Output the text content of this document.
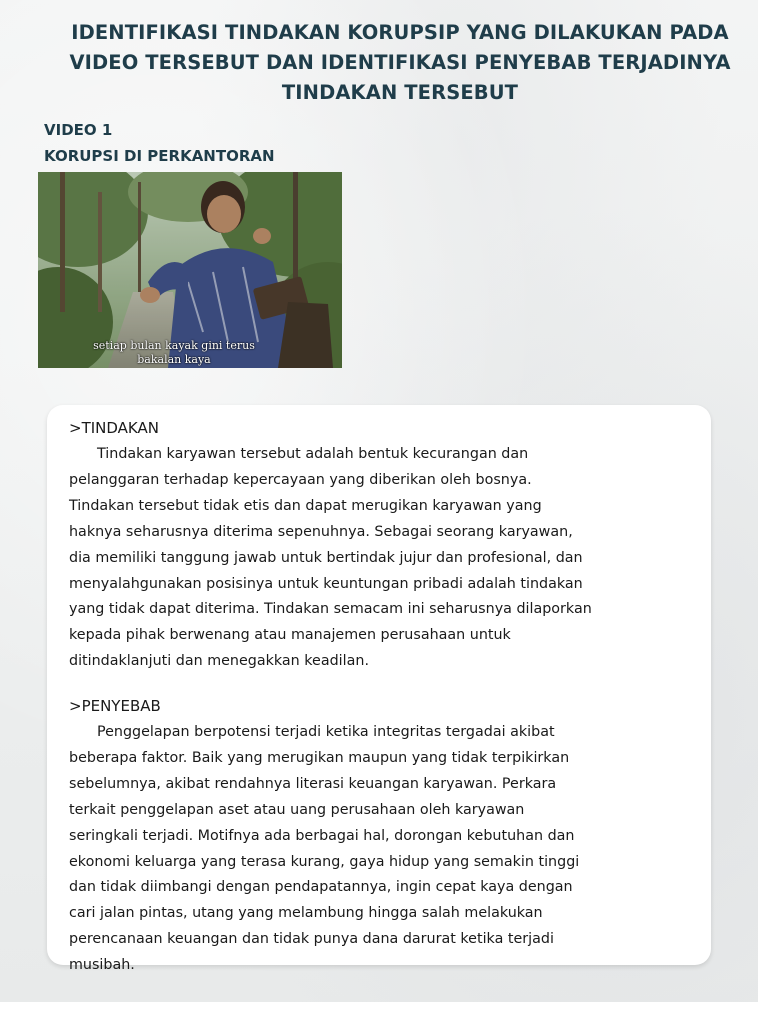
IDENTIFIKASI TINDAKAN KORUPSIP YANG DILAKUKAN PADA
VIDEO TERSEBUT DAN IDENTIFIKASI PENYEBAB TERJADINYA
TINDAKAN TERSEBUT

VIDEO 1

KORUPSI DI PERKANTORAN

setiap bulan kayak gini terus
bakalan kaya

>TINDAKAN

Tindakan karyawan tersebut adalah bentuk kecurangan dan
pelanggaran terhadap kepercayaan yang diberikan oleh bosnya.
Tindakan tersebut tidak etis dan dapat merugikan karyawan yang
haknya seharusnya diterima sepenuhnya. Sebagai seorang karyawan,
dia memiliki tanggung jawab untuk bertindak jujur dan profesional, dan
menyalahgunakan posisinya untuk keuntungan pribadi adalah tindakan
yang tidak dapat diterima. Tindakan semacam ini seharusnya dilaporkan
kepada pihak berwenang atau manajemen perusahaan untuk
ditindaklanjuti dan menegakkan keadilan.

>PENYEBAB

Penggelapan berpotensi terjadi ketika integritas tergadai akibat
beberapa faktor. Baik yang merugikan maupun yang tidak terpikirkan
sebelumnya, akibat rendahnya literasi keuangan karyawan. Perkara
terkait penggelapan aset atau uang perusahaan oleh karyawan
seringkali terjadi. Motifnya ada berbagai hal, dorongan kebutuhan dan
ekonomi keluarga yang terasa kurang, gaya hidup yang semakin tinggi
dan tidak diimbangi dengan pendapatannya, ingin cepat kaya dengan
cari jalan pintas, utang yang melambung hingga salah melakukan
perencanaan keuangan dan tidak punya dana darurat ketika terjadi
musibah.
